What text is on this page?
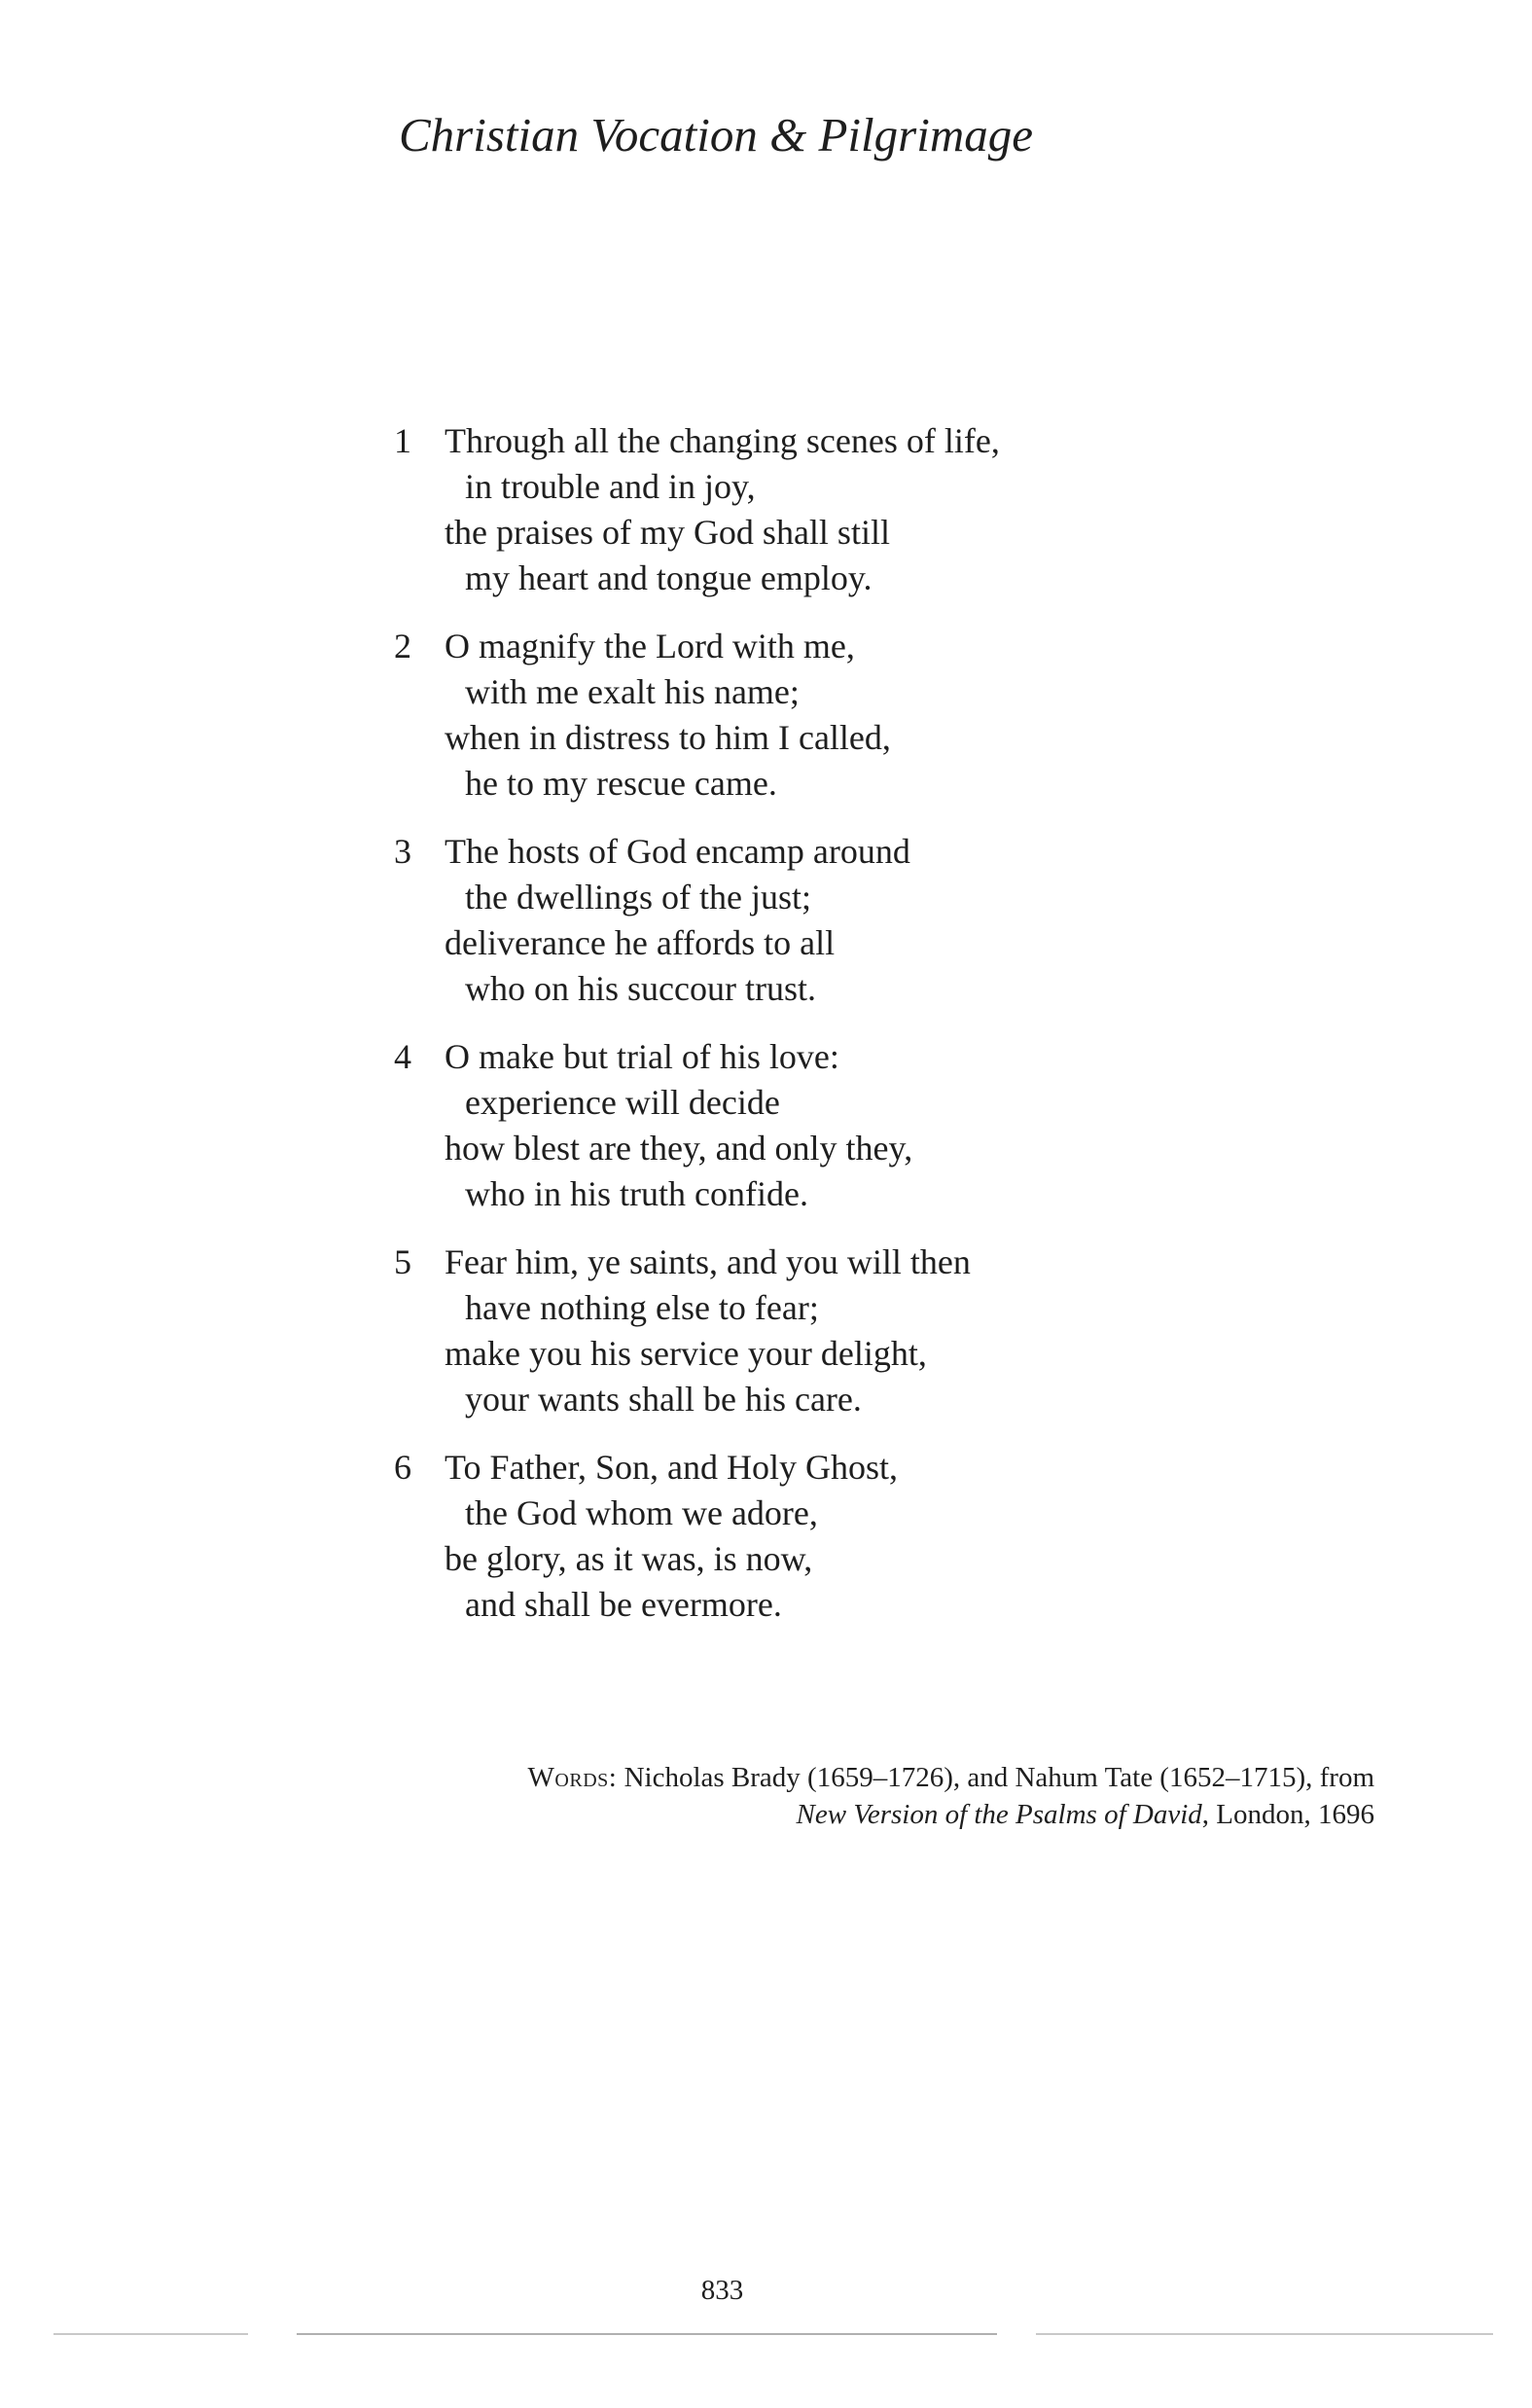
Christian Vocation & Pilgrimage
1 Through all the changing scenes of life,
in trouble and in joy,
the praises of my God shall still
my heart and tongue employ.
2 O magnify the Lord with me,
with me exalt his name;
when in distress to him I called,
he to my rescue came.
3 The hosts of God encamp around
the dwellings of the just;
deliverance he affords to all
who on his succour trust.
4 O make but trial of his love:
experience will decide
how blest are they, and only they,
who in his truth confide.
5 Fear him, ye saints, and you will then
have nothing else to fear;
make you his service your delight,
your wants shall be his care.
6 To Father, Son, and Holy Ghost,
the God whom we adore,
be glory, as it was, is now,
and shall be evermore.
Words: Nicholas Brady (1659–1726), and Nahum Tate (1652–1715), from
New Version of the Psalms of David, London, 1696
833
